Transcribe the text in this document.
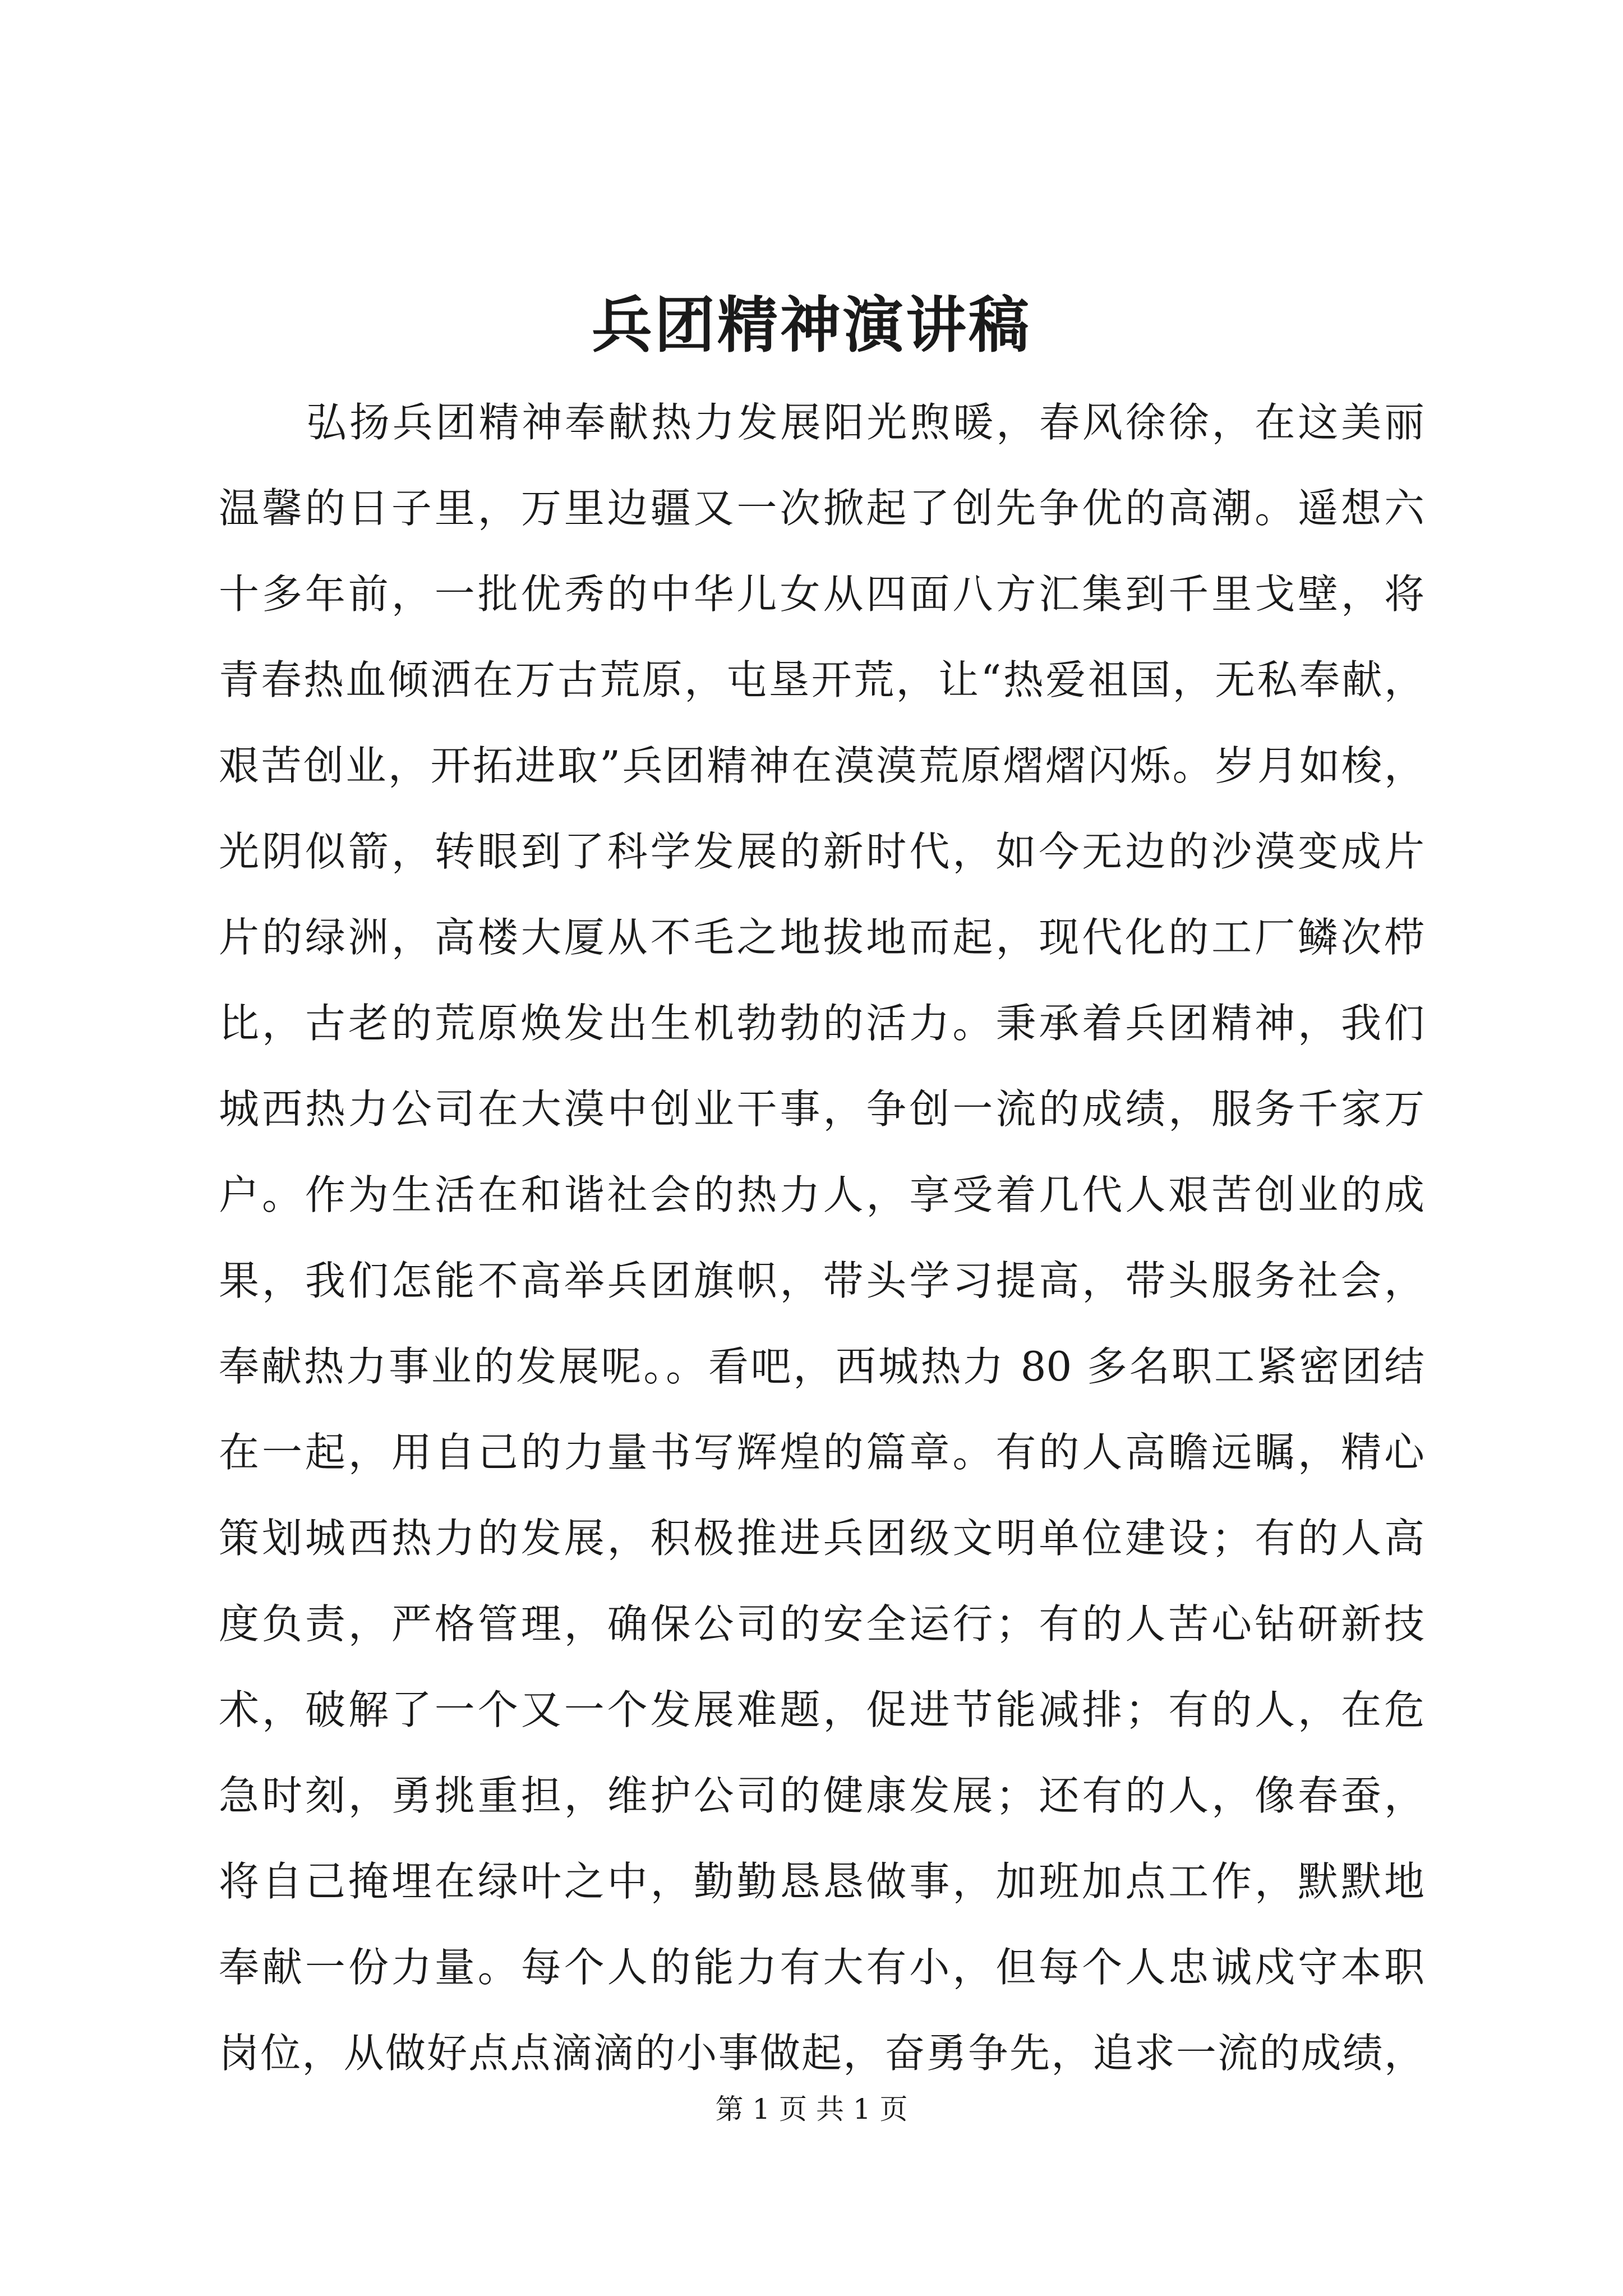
兵团精神演讲稿
弘扬兵团精神奉献热力发展阳光煦暖，春风徐徐，在这美丽
温馨的日子里，万里边疆又一次掀起了创先争优的高潮。遥想六
十多年前，一批优秀的中华儿女从四面八方汇集到千里戈壁，将
青春热血倾洒在万古荒原，屯垦开荒，让“热爱祖国，无私奉献，
艰苦创业，开拓进取”兵团精神在漠漠荒原熠熠闪烁。岁月如梭，
光阴似箭，转眼到了科学发展的新时代，如今无边的沙漠变成片
片的绿洲，高楼大厦从不毛之地拔地而起，现代化的工厂鳞次栉
比，古老的荒原焕发出生机勃勃的活力。秉承着兵团精神，我们
城西热力公司在大漠中创业干事，争创一流的成绩，服务千家万
户。作为生活在和谐社会的热力人，享受着几代人艰苦创业的成
果，我们怎能不高举兵团旗帜，带头学习提高，带头服务社会，
奉献热力事业的发展呢。。看吧，西城热力 80 多名职工紧密团结
在一起，用自己的力量书写辉煌的篇章。有的人高瞻远瞩，精心
策划城西热力的发展，积极推进兵团级文明单位建设；有的人高
度负责，严格管理，确保公司的安全运行；有的人苦心钻研新技
术，破解了一个又一个发展难题，促进节能减排；有的人，在危
急时刻，勇挑重担，维护公司的健康发展；还有的人，像春蚕，
将自己掩埋在绿叶之中，勤勤恳恳做事，加班加点工作，默默地
奉献一份力量。每个人的能力有大有小，但每个人忠诚戍守本职
岗位，从做好点点滴滴的小事做起，奋勇争先，追求一流的成绩，

第 1 页 共 1 页
